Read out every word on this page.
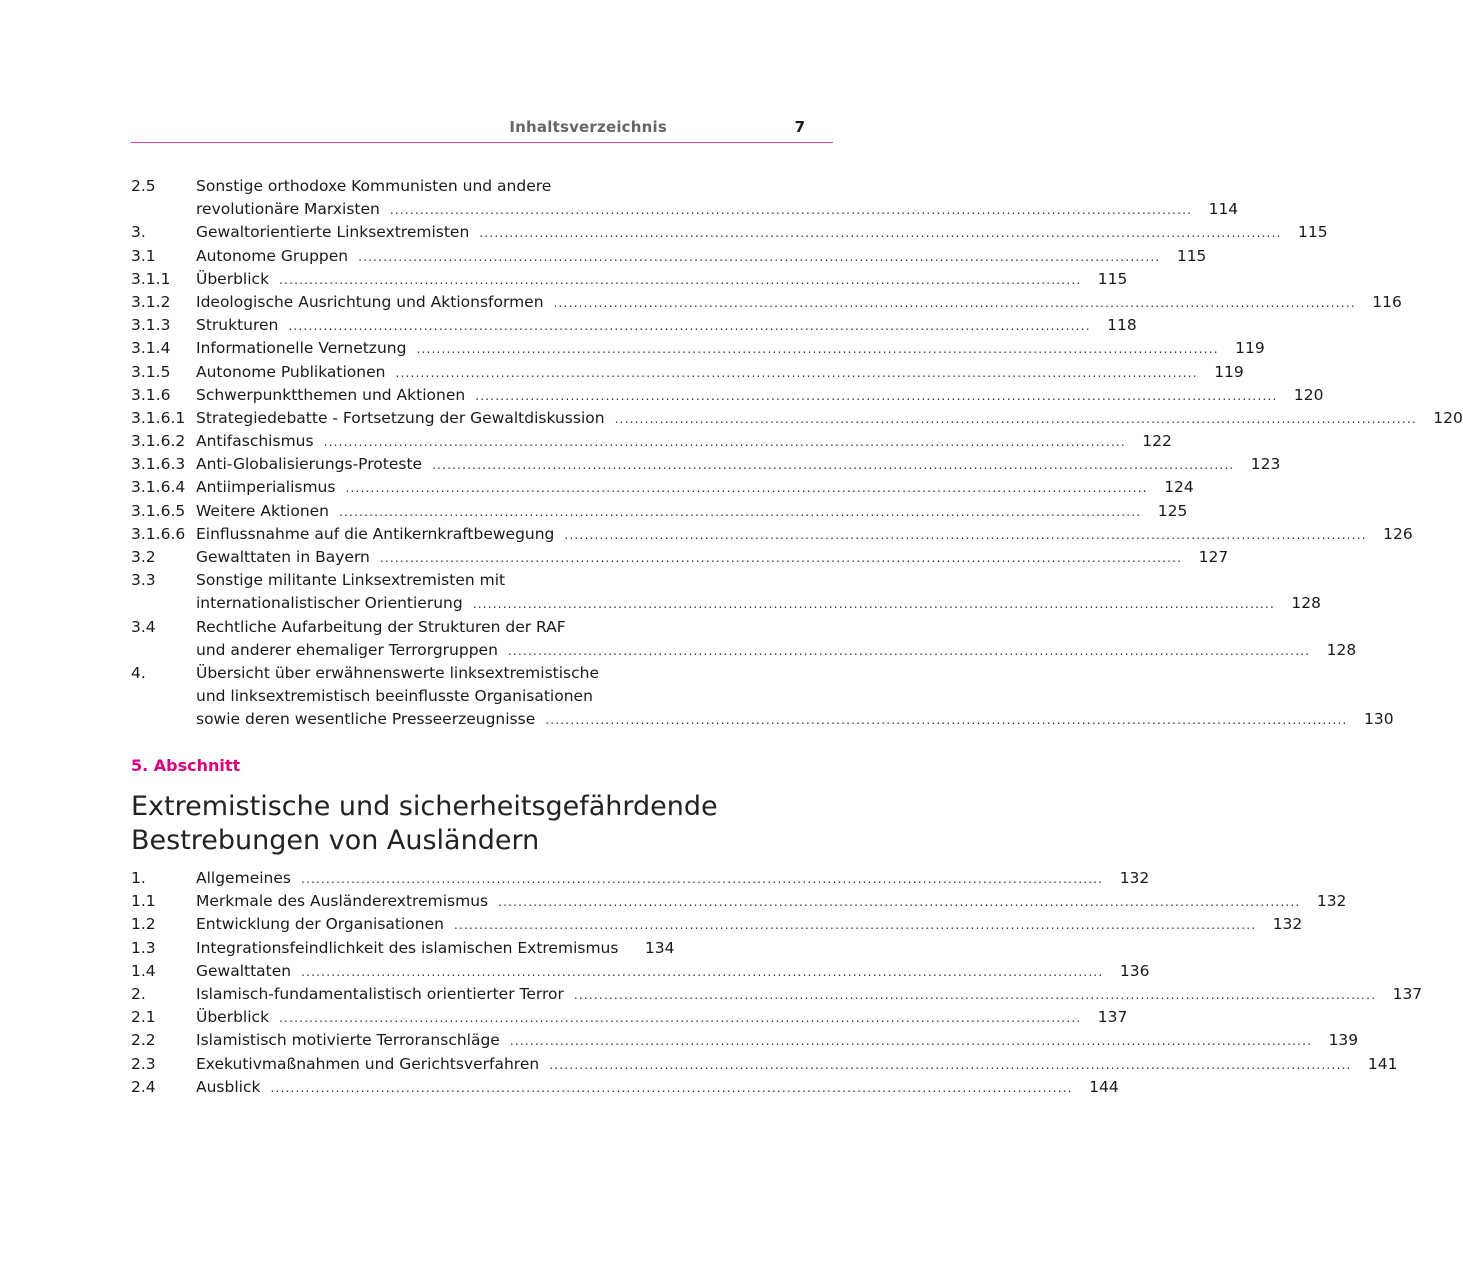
Inhaltsverzeichnis	7
2.5	Sonstige orthodoxe Kommunisten und andere
revolutionäre Marxisten ................................................................................................................................................................ 114
3.	Gewaltorientierte Linksextremisten ................................................................................................................................................................ 115
3.1	Autonome Gruppen ................................................................................................................................................................ 115
3.1.1 Überblick ................................................................................................................................................................ 115
3.1.2 Ideologische Ausrichtung und Aktionsformen ................................................................................................................................................................ 116
3.1.3 Strukturen ................................................................................................................................................................ 118
3.1.4 Informationelle Vernetzung ................................................................................................................................................................ 119
3.1.5 Autonome Publikationen ................................................................................................................................................................ 119
3.1.6 Schwerpunktthemen und Aktionen ................................................................................................................................................................ 120
3.1.6.1 Strategiedebatte - Fortsetzung der Gewaltdiskussion ................................................................................................................................................................ 120
3.1.6.2 Antifaschismus ................................................................................................................................................................ 122
3.1.6.3 Anti-Globalisierungs-Proteste ................................................................................................................................................................ 123
3.1.6.4 Antiimperialismus ................................................................................................................................................................ 124
3.1.6.5 Weitere Aktionen ................................................................................................................................................................ 125
3.1.6.6 Einflussnahme auf die Antikernkraftbewegung ................................................................................................................................................................ 126
3.2	Gewalttaten in Bayern ................................................................................................................................................................ 127
3.3	Sonstige militante Linksextremisten mit
internationalistischer Orientierung ................................................................................................................................................................ 128
3.4	Rechtliche Aufarbeitung der Strukturen der RAF
und anderer ehemaliger Terrorgruppen ................................................................................................................................................................ 128
4.	Übersicht über erwähnenswerte linksextremistische
und linksextremistisch beeinflusste Organisationen
sowie deren wesentliche Presseerzeugnisse ................................................................................................................................................................ 130
5. Abschnitt
Extremistische und sicherheitsgefährdende
Bestrebungen von Ausländern
1.	Allgemeines ................................................................................................................................................................ 132
1.1	Merkmale des Ausländerextremismus ................................................................................................................................................................ 132
1.2	Entwicklung der Organisationen ................................................................................................................................................................ 132
1.3	Integrationsfeindlichkeit des islamischen Extremismus	134
1.4	Gewalttaten ................................................................................................................................................................ 136
2.	Islamisch-fundamentalistisch orientierter Terror ................................................................................................................................................................ 137
2.1	Überblick ................................................................................................................................................................ 137
2.2	Islamistisch motivierte Terroranschläge ................................................................................................................................................................ 139
2.3	Exekutivmaßnahmen und Gerichtsverfahren ................................................................................................................................................................ 141
2.4	Ausblick ................................................................................................................................................................ 144
